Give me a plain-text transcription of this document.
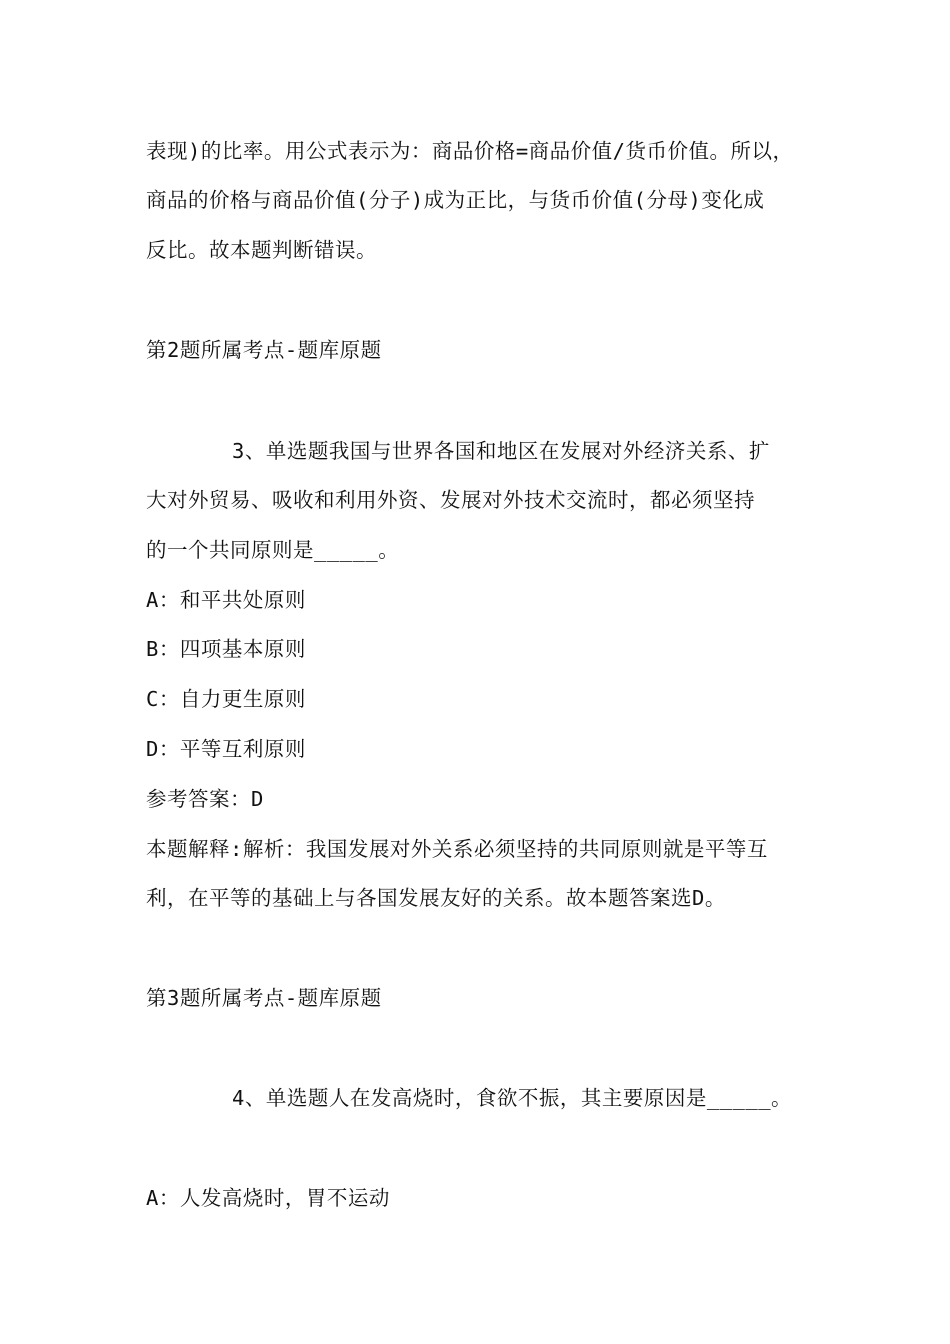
表现)的比率。用公式表示为：商品价格=商品价值/货币价值。所以，
商品的价格与商品价值(分子)成为正比，与货币价值(分母)变化成
反比。故本题判断错误。
第2题所属考点-题库原题
3、单选题我国与世界各国和地区在发展对外经济关系、扩
大对外贸易、吸收和利用外资、发展对外技术交流时，都必须坚持
的一个共同原则是_____。
A：和平共处原则
B：四项基本原则
C：自力更生原则
D：平等互利原则
参考答案：D
本题解释:解析：我国发展对外关系必须坚持的共同原则就是平等互
利，在平等的基础上与各国发展友好的关系。故本题答案选D。
第3题所属考点-题库原题
4、单选题人在发高烧时，食欲不振，其主要原因是_____。
A：人发高烧时，胃不运动
